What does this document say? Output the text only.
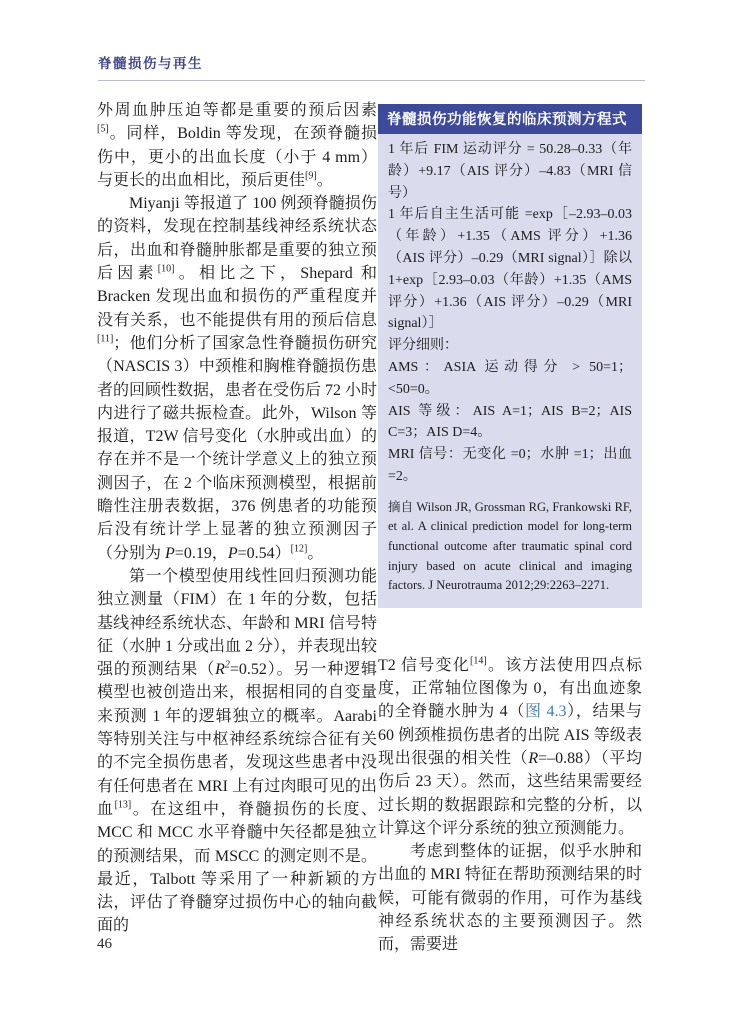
脊髓损伤与再生

外周血肿压迫等都是重要的预后因素[5]。同样，Boldin 等发现，在颈脊髓损伤中，更小的出血长度（小于 4 mm）与更长的出血相比，预后更佳[9]。

Miyanji 等报道了 100 例颈脊髓损伤的资料，发现在控制基线神经系统状态后，出血和脊髓肿胀都是重要的独立预后因素[10]。相比之下，Shepard 和 Bracken 发现出血和损伤的严重程度并没有关系，也不能提供有用的预后信息[11]；他们分析了国家急性脊髓损伤研究（NASCIS 3）中颈椎和胸椎脊髓损伤患者的回顾性数据，患者在受伤后 72 小时内进行了磁共振检查。此外，Wilson 等报道，T2W 信号变化（水肿或出血）的存在并不是一个统计学意义上的独立预测因子，在 2 个临床预测模型，根据前瞻性注册表数据，376 例患者的功能预后没有统计学上显著的独立预测因子（分别为 P=0.19，P=0.54）[12]。

第一个模型使用线性回归预测功能独立测量（FIM）在 1 年的分数，包括基线神经系统状态、年龄和 MRI 信号特征（水肿 1 分或出血 2 分），并表现出较强的预测结果$(R^2=0.52)$。另一种逻辑模型也被创造出来，根据相同的自变量来预测 1 年的逻辑独立的概率。Aarabi 等特别关注与中枢神经系统综合征有关的不完全损伤患者，发现这些患者中没有任何患者在 MRI 上有过肉眼可见的出血[13]。在这组中，脊髓损伤的长度、MCC 和 MCC 水平脊髓中矢径都是独立的预测结果，而 MSCC 的测定则不是。最近，Talbott 等采用了一种新颖的方法，评估了脊髓穿过损伤中心的轴向截面的

脊髓损伤功能恢复的临床预测方程式

1 年后 FIM 运动评分 = 50.28–0.33（年龄）+9.17（AIS 评分）–4.83（MRI 信号）

1 年后自主生活可能 =exp［–2.93–0.03（年龄）+1.35（AMS 评分）+1.36（AIS 评分）–0.29（MRI signal）］除以 1+exp［2.93–0.03（年龄）+1.35（AMS 评分）+1.36（AIS 评分）–0.29（MRI signal）］

评分细则：

AMS：ASIA 运动得分 > 50=1；<50=0。

AIS 等级：AIS A=1；AIS B=2；AIS C=3；AIS D=4。

MRI 信号：无变化 =0；水肿 =1；出血 =2。

摘自 Wilson JR, Grossman RG, Frankowski RF, et al. A clinical prediction model for long-term functional outcome after traumatic spinal cord injury based on acute clinical and imaging factors. J Neurotrauma 2012;29:2263–2271.

T2 信号变化[14]。该方法使用四点标度，正常轴位图像为 0，有出血迹象的全脊髓水肿为 4（图 4.3），结果与 60 例颈椎损伤患者的出院 AIS 等级表现出很强的相关性（R=–0.88）（平均伤后 23 天）。然而，这些结果需要经过长期的数据跟踪和完整的分析，以计算这个评分系统的独立预测能力。

考虑到整体的证据，似乎水肿和出血的 MRI 特征在帮助预测结果的时候，可能有微弱的作用，可作为基线神经系统状态的主要预测因子。然而，需要进

46
